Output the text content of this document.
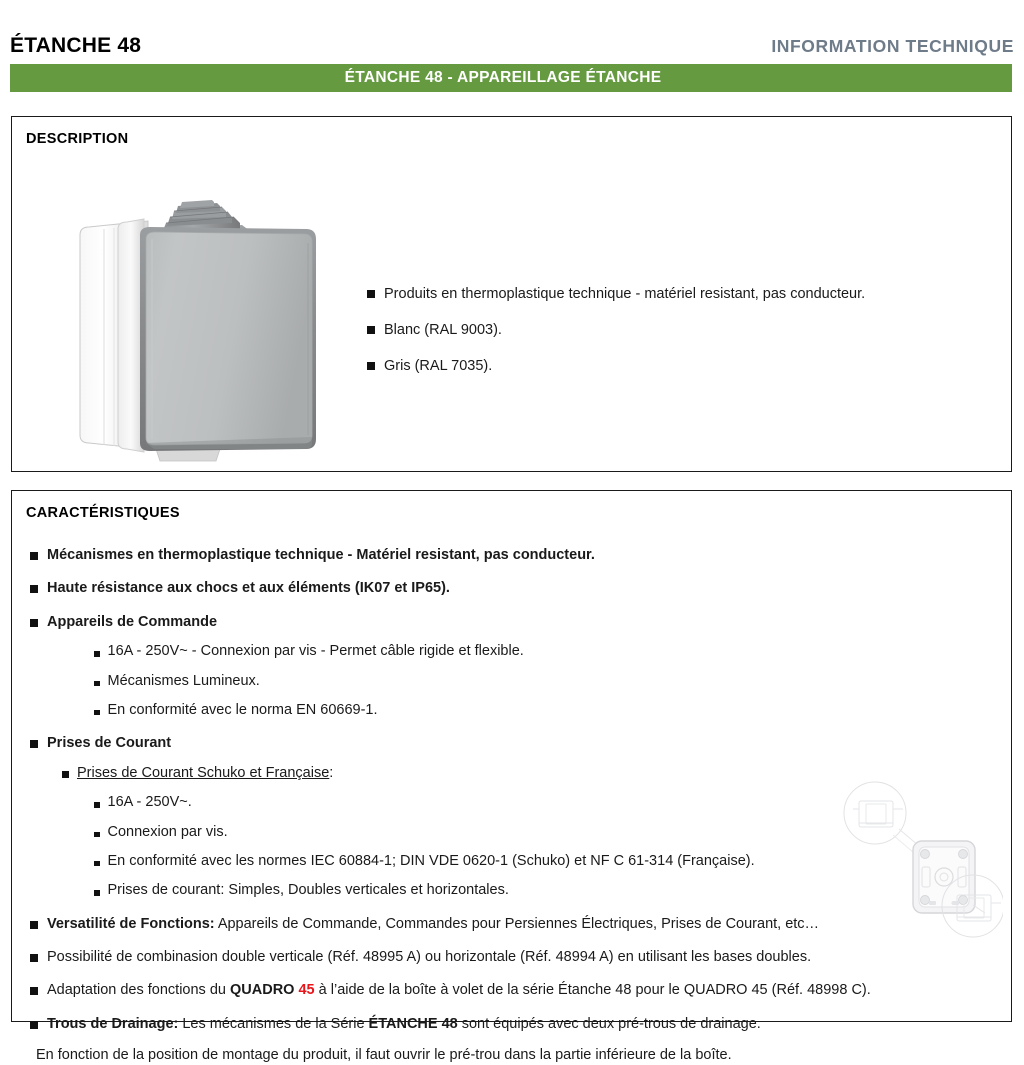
ÉTANCHE 48	INFORMATION TECHNIQUE
ÉTANCHE 48 - APPAREILLAGE ÉTANCHE
DESCRIPTION
Produits en thermoplastique technique - matériel resistant, pas conducteur.
Blanc (RAL 9003).
Gris (RAL 7035).
CARACTÉRISTIQUES
Mécanismes en thermoplastique technique - Matériel resistant, pas conducteur.
Haute résistance aux chocs et aux éléments (IK07 et IP65).
Appareils de Commande
16A - 250V~ - Connexion par vis - Permet câble rigide et flexible.
Mécanismes Lumineux.
En conformité avec le norma EN 60669-1.
Prises de Courant
Prises de Courant Schuko et Française:
16A - 250V~.
Connexion par vis.
En conformité avec les normes IEC 60884-1; DIN VDE 0620-1 (Schuko) et NF C 61-314 (Française).
Prises de courant: Simples, Doubles verticales et horizontales.
Versatilité de Fonctions: Appareils de Commande, Commandes pour Persiennes Électriques, Prises de Courant, etc…
Possibilité de combinasion double verticale (Réf. 48995 A) ou horizontale (Réf. 48994 A) en utilisant les bases doubles.
Adaptation des fonctions du QUADRO 45 à l’aide de la boîte à volet de la série Étanche 48 pour le QUADRO 45 (Réf. 48998 C).
Trous de Drainage: Les mécanismes de la Série ÉTANCHE 48 sont équipés avec deux pré-trous de drainage.
En fonction de la position de montage du produit, il faut ouvrir le pré-trou dans la partie inférieure de la boîte.
